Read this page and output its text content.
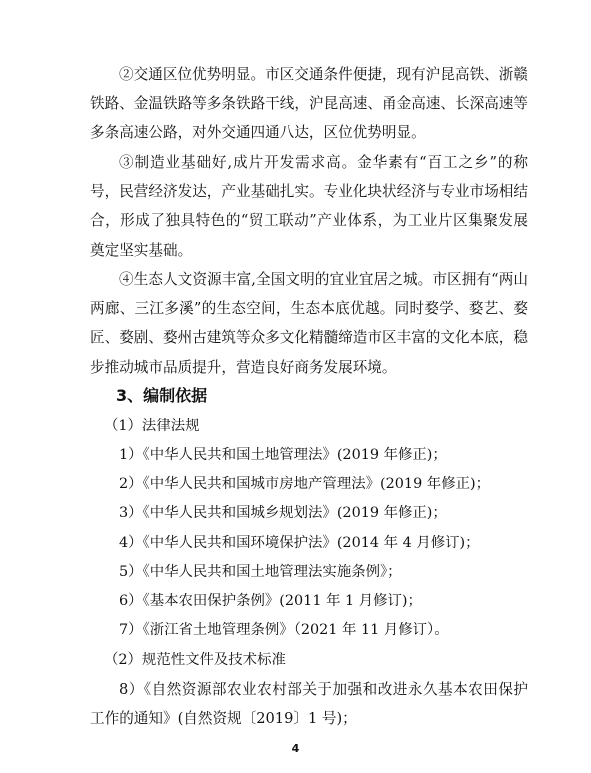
②交通区位优势明显。市区交通条件便捷，现有沪昆高铁、浙赣铁路、金温铁路等多条铁路干线，沪昆高速、甬金高速、长深高速等多条高速公路，对外交通四通八达，区位优势明显。

③制造业基础好,成片开发需求高。金华素有“百工之乡”的称号，民营经济发达，产业基础扎实。专业化块状经济与专业市场相结合，形成了独具特色的“贸工联动”产业体系，为工业片区集聚发展奠定坚实基础。

④生态人文资源丰富,全国文明的宜业宜居之城。市区拥有“两山两廊、三江多溪”的生态空间，生态本底优越。同时婺学、婺艺、婺匠、婺剧、婺州古建筑等众多文化精髓缔造市区丰富的文化本底，稳步推动城市品质提升，营造良好商务发展环境。

3、编制依据

（1）法律法规

1）《中华人民共和国土地管理法》(2019 年修正)；

2）《中华人民共和国城市房地产管理法》(2019 年修正)；

3）《中华人民共和国城乡规划法》(2019 年修正)；

4）《中华人民共和国环境保护法》(2014 年 4 月修订)；

5）《中华人民共和国土地管理法实施条例》；

6）《基本农田保护条例》(2011 年 1 月修订)；

7）《浙江省土地管理条例》（2021 年 11 月修订）。

（2）规范性文件及技术标准

8）《自然资源部农业农村部关于加强和改进永久基本农田保护工作的通知》(自然资规〔2019〕1 号)；

4
